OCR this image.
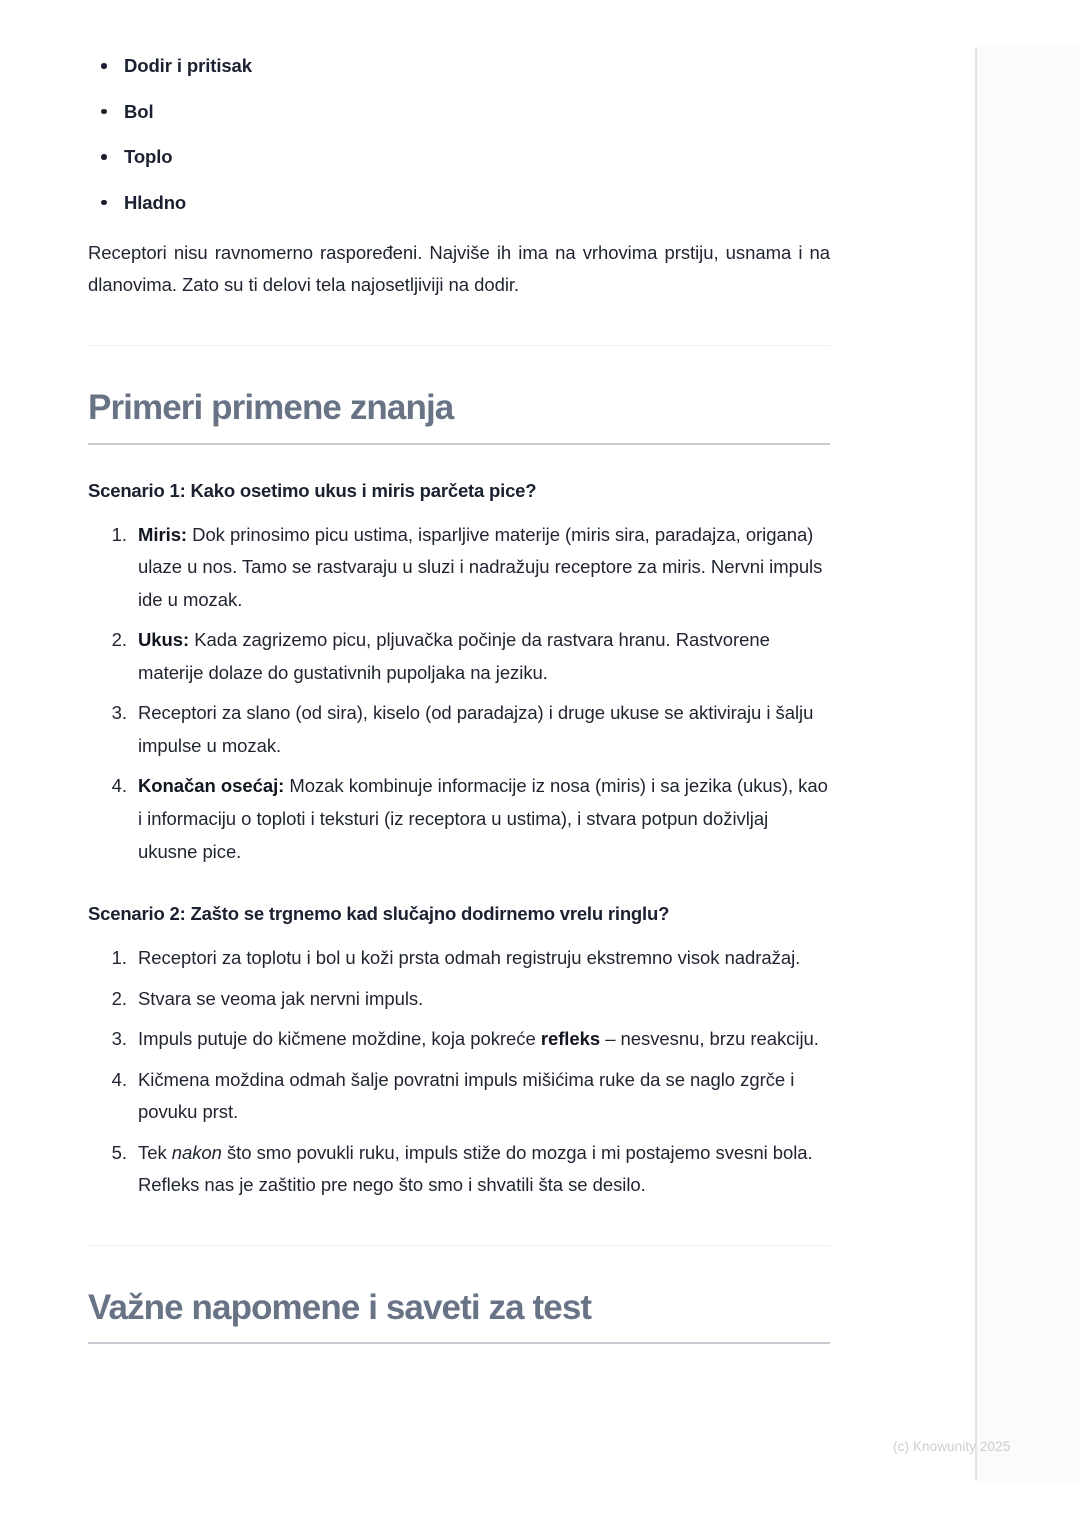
Dodir i pritisak
Bol
Toplo
Hladno

Receptori nisu ravnomerno raspoređeni. Najviše ih ima na vrhovima prstiju, usnama i na dlanovima. Zato su ti delovi tela najosetljiviji na dodir.

Primeri primene znanja
Scenario 1: Kako osetimo ukus i miris parčeta pice?
1. Miris: Dok prinosimo picu ustima, isparljive materije (miris sira, paradajza, origana) ulaze u nos. Tamo se rastvaraju u sluzi i nadražuju receptore za miris. Nervni impuls ide u mozak.
2. Ukus: Kada zagrizemo picu, pljuvačka počinje da rastvara hranu. Rastvorene materije dolaze do gustativnih pupoljaka na jeziku.
3. Receptori za slano (od sira), kiselo (od paradajza) i druge ukuse se aktiviraju i šalju impulse u mozak.
4. Konačan osećaj: Mozak kombinuje informacije iz nosa (miris) i sa jezika (ukus), kao i informaciju o toploti i teksturi (iz receptora u ustima), i stvara potpun doživljaj ukusne pice.
Scenario 2: Zašto se trgnemo kad slučajno dodirnemo vrelu ringlu?
1. Receptori za toplotu i bol u koži prsta odmah registruju ekstremno visok nadražaj.
2. Stvara se veoma jak nervni impuls.
3. Impuls putuje do kičmene moždine, koja pokreće refleks – nesvesnu, brzu reakciju.
4. Kičmena moždina odmah šalje povratni impuls mišićima ruke da se naglo zgrče i povuku prst.
5. Tek nakon što smo povukli ruku, impuls stiže do mozga i mi postajemo svesni bola. Refleks nas je zaštitio pre nego što smo i shvatili šta se desilo.
Važne napomene i saveti za test
(c) Knowunity 2025
